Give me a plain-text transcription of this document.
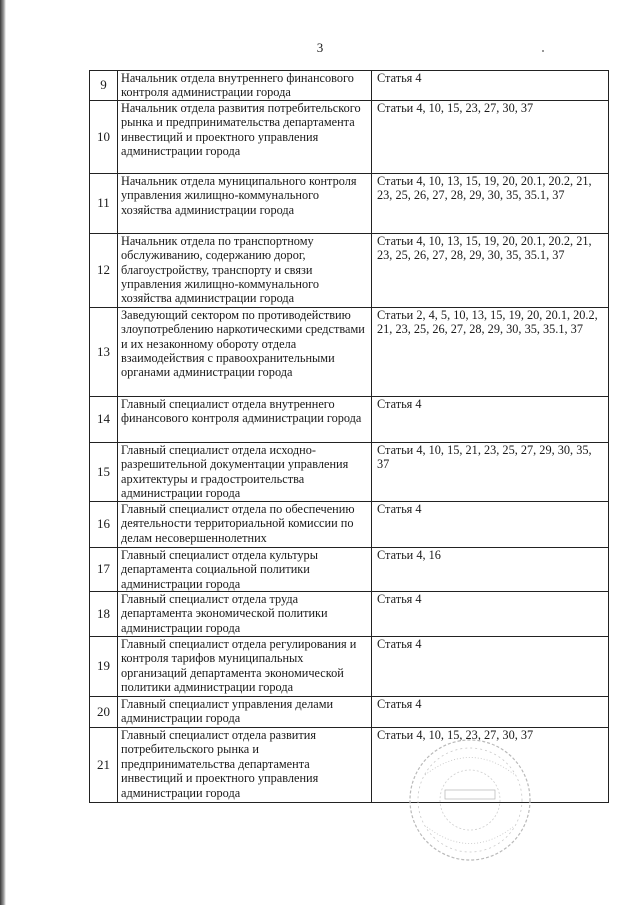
3
9	Начальник отдела внутреннего финансового контроля администрации города	Статья 4
10	Начальник отдела развития потребительского рынка и предпринимательства департамента инвестиций и проектного управления администрации города	Статьи 4, 10, 15, 23, 27, 30, 37
11	Начальник отдела муниципального контроля управления жилищно-коммунального хозяйства администрации города	Статьи 4, 10, 13, 15, 19, 20, 20.1, 20.2, 21, 23, 25, 26, 27, 28, 29, 30, 35, 35.1, 37
12	Начальник отдела по транспортному обслуживанию, содержанию дорог, благоустройству, транспорту и связи управления жилищно-коммунального хозяйства администрации города	Статьи 4, 10, 13, 15, 19, 20, 20.1, 20.2, 21, 23, 25, 26, 27, 28, 29, 30, 35, 35.1, 37
13	Заведующий сектором по противодействию злоупотреблению наркотическими средствами и их незаконному обороту отдела взаимодействия с правоохранительными органами администрации города	Статьи 2, 4, 5, 10, 13, 15, 19, 20, 20.1, 20.2, 21, 23, 25, 26, 27, 28, 29, 30, 35, 35.1, 37
14	Главный специалист отдела внутреннего финансового контроля администрации города	Статья 4
15	Главный специалист отдела исходно-разрешительной документации управления архитектуры и градостроительства администрации города	Статьи 4, 10, 15, 21, 23, 25, 27, 29, 30, 35, 37
16	Главный специалист отдела по обеспечению деятельности территориальной комиссии по делам несовершеннолетних	Статья 4
17	Главный специалист отдела культуры департамента социальной политики администрации города	Статьи 4, 16
18	Главный специалист отдела труда департамента экономической политики администрации города	Статья 4
19	Главный специалист отдела регулирования и контроля тарифов муниципальных организаций департамента экономической политики администрации города	Статья 4
20	Главный специалист управления делами администрации города	Статья 4
21	Главный специалист отдела развития потребительского рынка и предпринимательства департамента инвестиций и проектного управления администрации города	Статьи 4, 10, 15, 23, 27, 30, 37
